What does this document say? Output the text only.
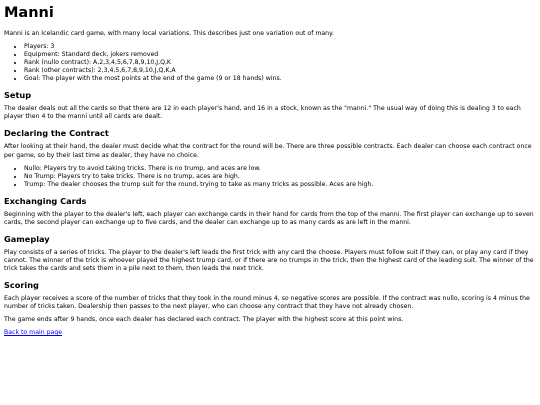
Manni

Manni is an Icelandic card game, with many local variations. This describes just one variation out of many.

• Players: 3
• Equipment: Standard deck, jokers removed
• Rank (nullo contract): A,2,3,4,5,6,7,8,9,10,J,Q,K
• Rank (other contracts): 2,3,4,5,6,7,8,9,10,J,Q,K,A
• Goal: The player with the most points at the end of the game (9 or 18 hands) wins.
Setup

The dealer deals out all the cards so that there are 12 in each player's hand, and 16 in a stock, known as the "manni." The usual way of doing this is dealing 3 to each player then 4 to the manni until all cards are dealt.

Declaring the Contract

After looking at their hand, the dealer must decide what the contract for the round will be. There are three possible contracts. Each dealer can choose each contract once per game, so by their last time as dealer, they have no choice.

• Nullo: Players try to avoid taking tricks. There is no trump, and aces are low.
• No Trump: Players try to take tricks. There is no trump, aces are high.
• Trump: The dealer chooses the trump suit for the round, trying to take as many tricks as possible. Aces are high.
Exchanging Cards

Beginning with the player to the dealer's left, each player can exchange cards in their hand for cards from the top of the manni. The first player can exchange up to seven cards, the second player can exchange up to five cards, and the dealer can exchange up to as many cards as are left in the manni.

Gameplay

Play consists of a series of tricks. The player to the dealer's left leads the first trick with any card the choose. Players must follow suit if they can, or play any card if they cannot. The winner of the trick is whoever played the highest trump card, or if there are no trumps in the trick, then the highest card of the leading suit. The winner of the trick takes the cards and sets them in a pile next to them, then leads the next trick.

Scoring

Each player receives a score of the number of tricks that they took in the round minus 4, so negative scores are possible. If the contract was nullo, scoring is 4 minus the number of tricks taken. Dealership then passes to the next player, who can choose any contract that they have not already chosen.

The game ends after 9 hands, once each dealer has declared each contract. The player with the highest score at this point wins.

Back to main page
